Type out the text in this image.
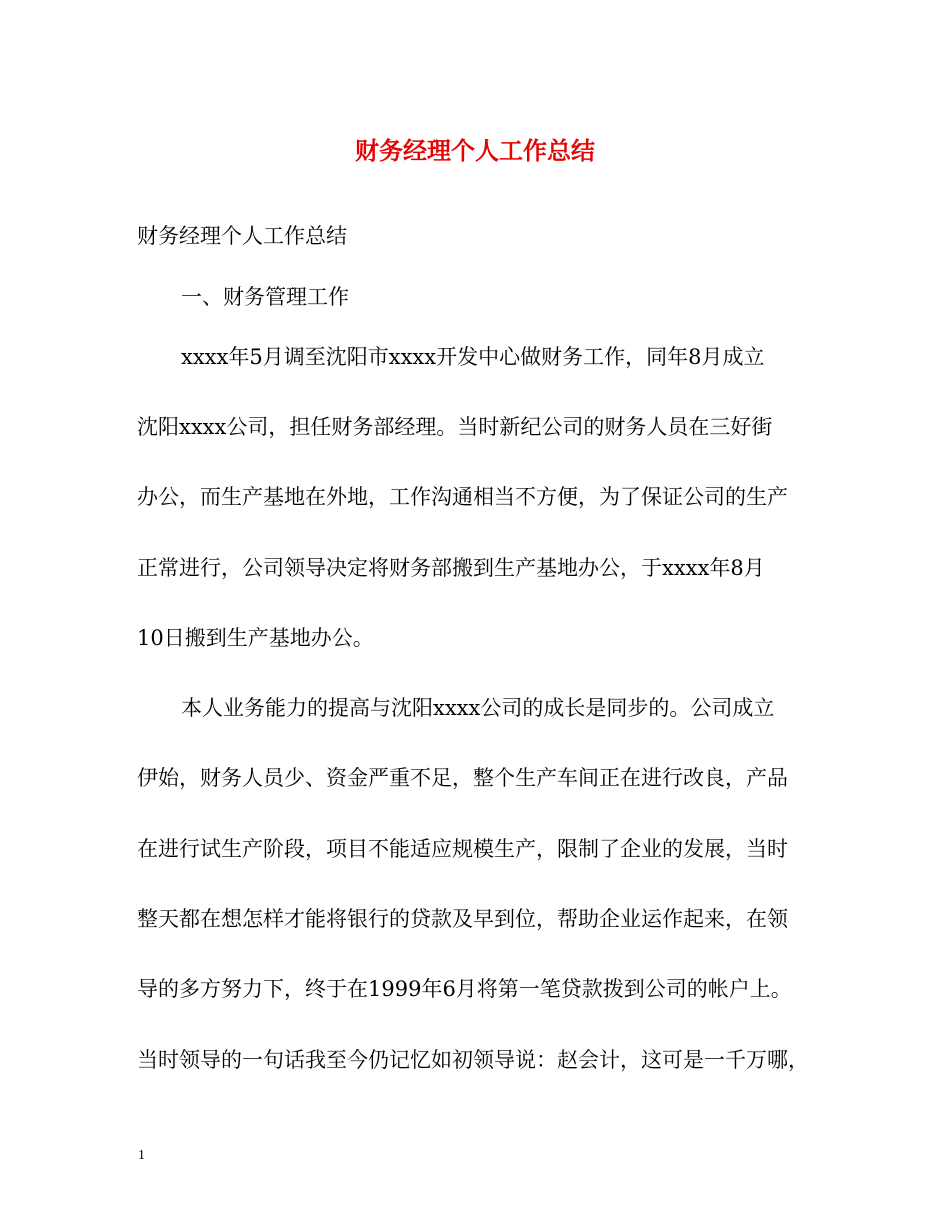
财务经理个人工作总结

财务经理个人工作总结

一、财务管理工作

xxxx年5月调至沈阳市xxxx开发中心做财务工作，同年8月成立

沈阳xxxx公司，担任财务部经理。当时新纪公司的财务人员在三好街

办公，而生产基地在外地，工作沟通相当不方便，为了保证公司的生产

正常进行，公司领导决定将财务部搬到生产基地办公，于xxxx年8月

10日搬到生产基地办公。

本人业务能力的提高与沈阳xxxx公司的成长是同步的。公司成立

伊始，财务人员少、资金严重不足，整个生产车间正在进行改良，产品

在进行试生产阶段，项目不能适应规模生产，限制了企业的发展，当时

整天都在想怎样才能将银行的贷款及早到位，帮助企业运作起来，在领

导的多方努力下，终于在1999年6月将第一笔贷款拨到公司的帐户上。

当时领导的一句话我至今仍记忆如初领导说：赵会计，这可是一千万哪，

1
